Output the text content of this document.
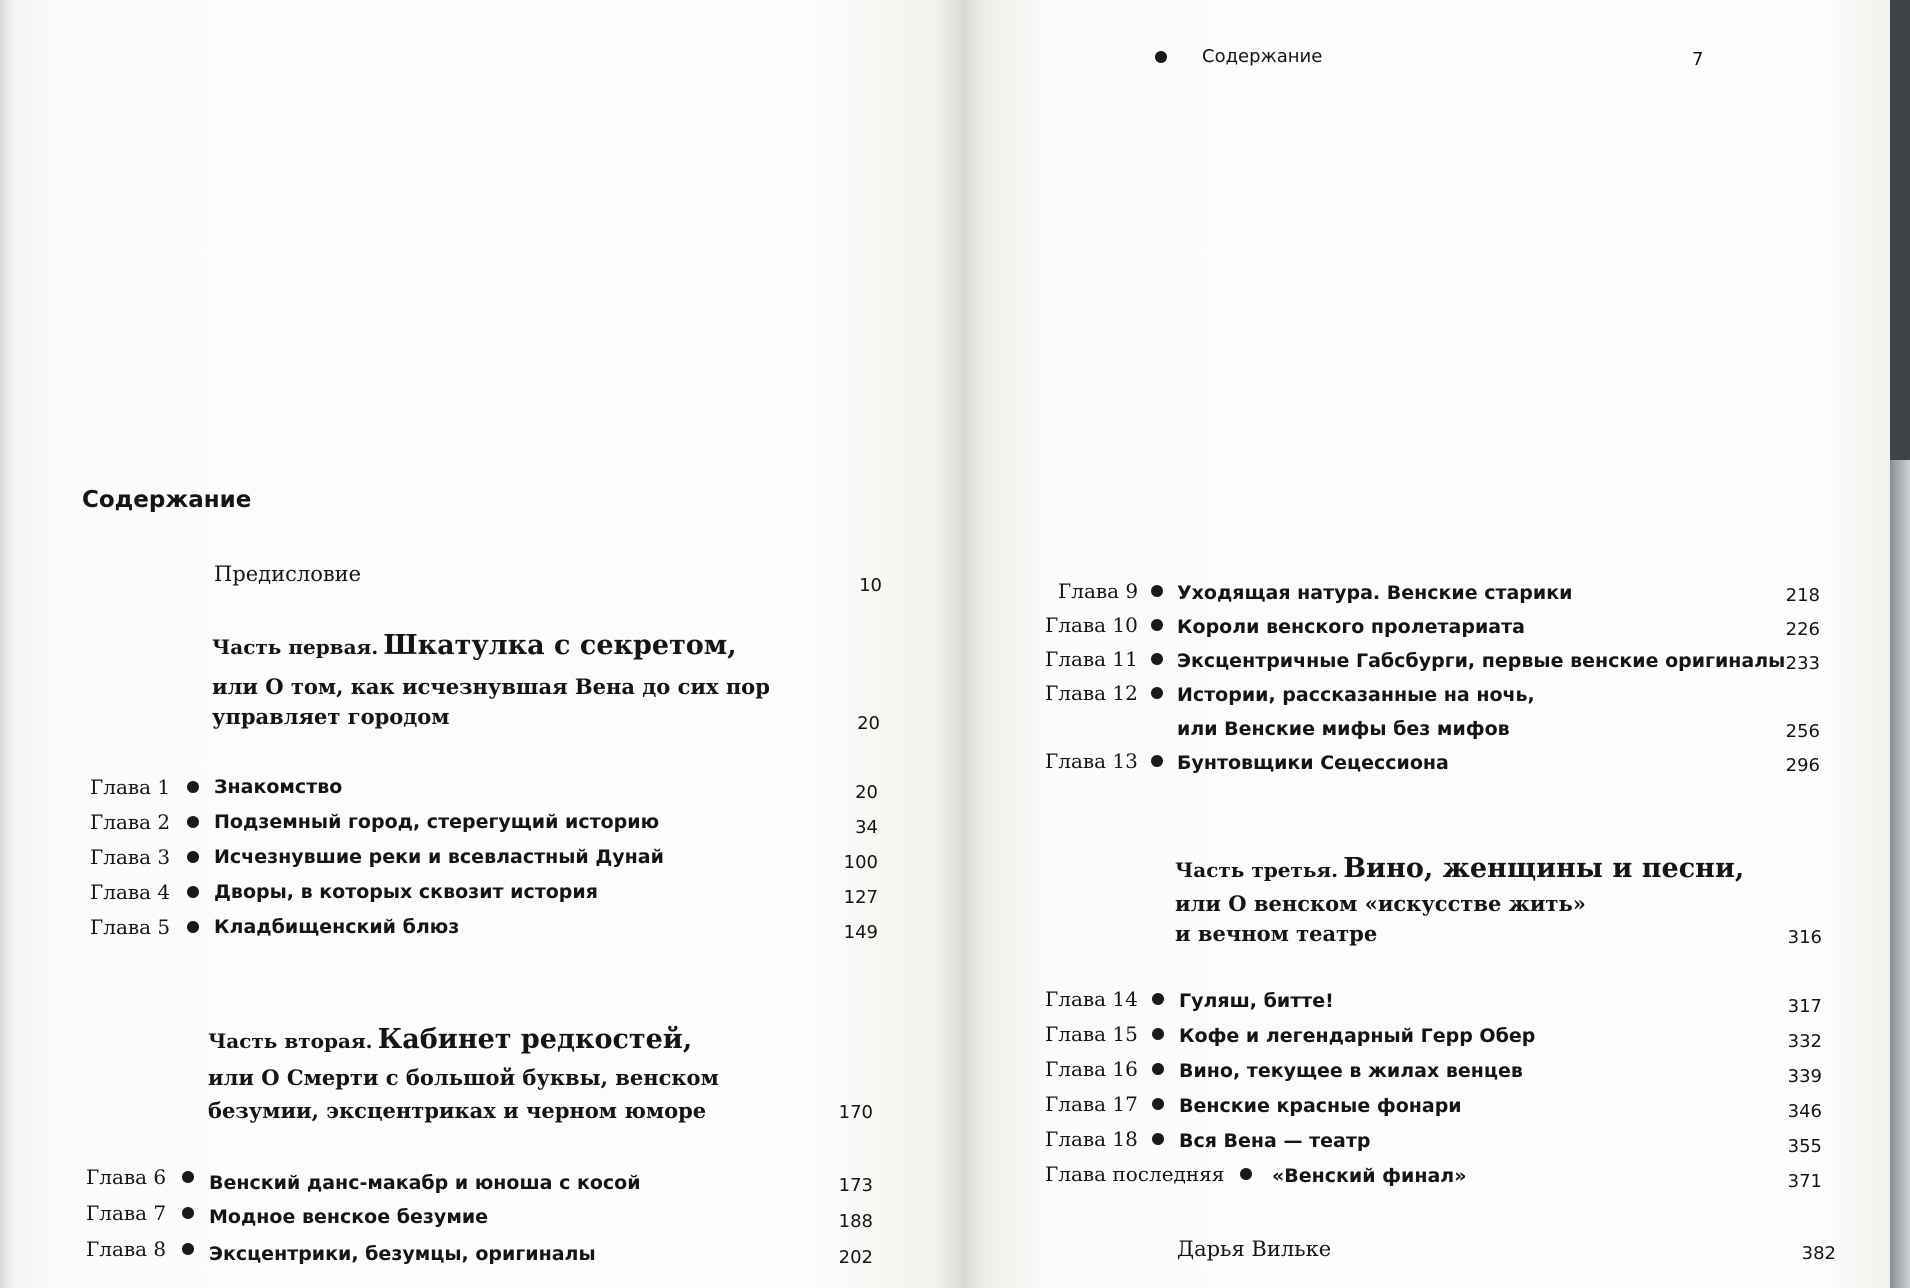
Содержание
Предисловие	10
Часть первая. Шкатулка с секретом,
или О том, как исчезнувшая Вена до сих пор
управляет городом	20
Глава 1 Знакомство	20
Глава 2 Подземный город, стерегущий историю	34
Глава 3 Исчезнувшие реки и всевластный Дунай	100
Глава 4 Дворы, в которых сквозит история	127
Глава 5 Кладбищенский блюз	149
Часть вторая. Кабинет редкостей,
или О Смерти с большой буквы, венском
безумии, эксцентриках и черном юморе	170
Глава 6 Венский данс-макабр и юноша с косой	173
Глава 7 Модное венское безумие	188
Глава 8 Эксцентрики, безумцы, оригиналы	202
Содержание	7
Глава 9 Уходящая натура. Венские старики	218
Глава 10 Короли венского пролетариата	226
Глава 11 Эксцентричные Габсбурги, первые венские оригиналы 233
Глава 12 Истории, рассказанные на ночь,
или Венские мифы без мифов	256
Глава 13 Бунтовщики Сецессиона	296
Часть третья. Вино, женщины и песни,
или О венском «искусстве жить»
и вечном театре	316
Глава 14 Гуляш, битте!	317
Глава 15 Кофе и легендарный Герр Обер	332
Глава 16 Вино, текущее в жилах венцев	339
Глава 17 Венские красные фонари	346
Глава 18 Вся Вена — театр	355
Глава последняя	«Венский финал»	371
Дарья Вильке	382
